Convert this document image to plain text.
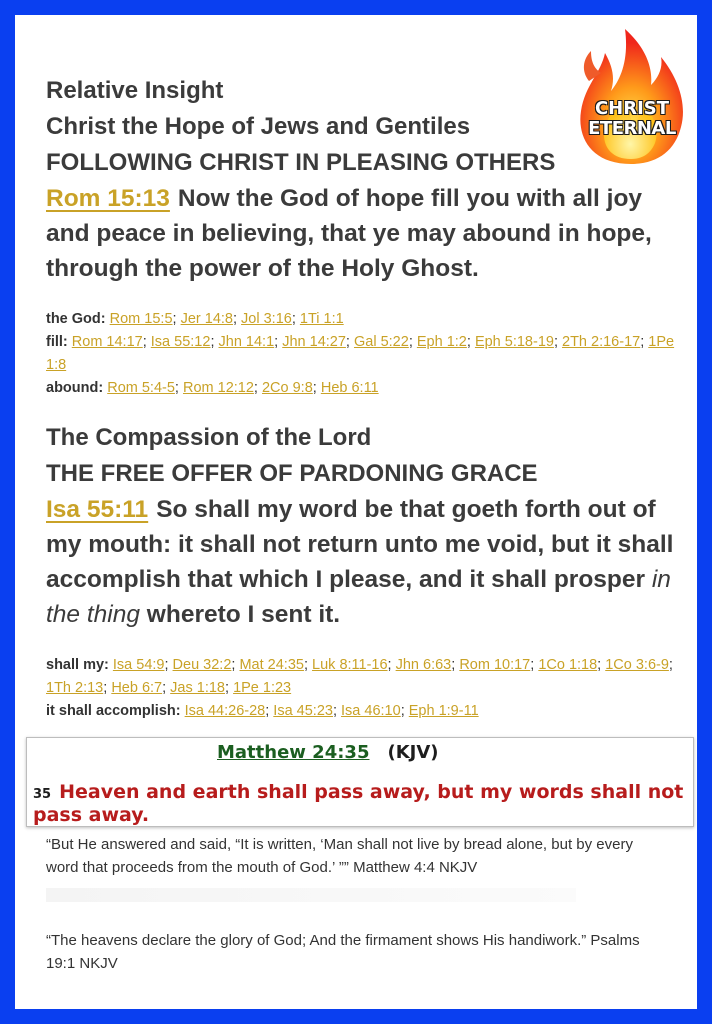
Relative Insight

Christ the Hope of Jews and Gentiles

FOLLOWING CHRIST IN PLEASING OTHERS

Rom 15:13 Now the God of hope fill you with all joy and peace in believing, that ye may abound in hope, through the power of the Holy Ghost.

the God: Rom 15:5; Jer 14:8; Jol 3:16; 1Ti 1:1

fill: Rom 14:17; Isa 55:12; Jhn 14:1; Jhn 14:27; Gal 5:22; Eph 1:2; Eph 5:18-19; 2Th 2:16-17; 1Pe 1:8

abound: Rom 5:4-5; Rom 12:12; 2Co 9:8; Heb 6:11

The Compassion of the Lord

THE FREE OFFER OF PARDONING GRACE

Isa 55:11 So shall my word be that goeth forth out of my mouth: it shall not return unto me void, but it shall accomplish that which I please, and it shall prosper in the thing whereto I sent it.

shall my: Isa 54:9; Deu 32:2; Mat 24:35; Luk 8:11-16; Jhn 6:63; Rom 10:17; 1Co 1:18; 1Co 3:6-9; 1Th 2:13; Heb 6:7; Jas 1:18; 1Pe 1:23

it shall accomplish: Isa 44:26-28; Isa 45:23; Isa 46:10; Eph 1:9-11

Matthew 24:35 (KJV)
35 Heaven and earth shall pass away, but my words shall not pass away.
“But He answered and said, “It is written, ‘Man shall not live by bread alone, but by every word that proceeds from the mouth of God.’ ”” Matthew 4:4 NKJV
“The heavens declare the glory of God; And the firmament shows His handiwork.” Psalms 19:1 NKJV
CHRIST
ETERNAL
